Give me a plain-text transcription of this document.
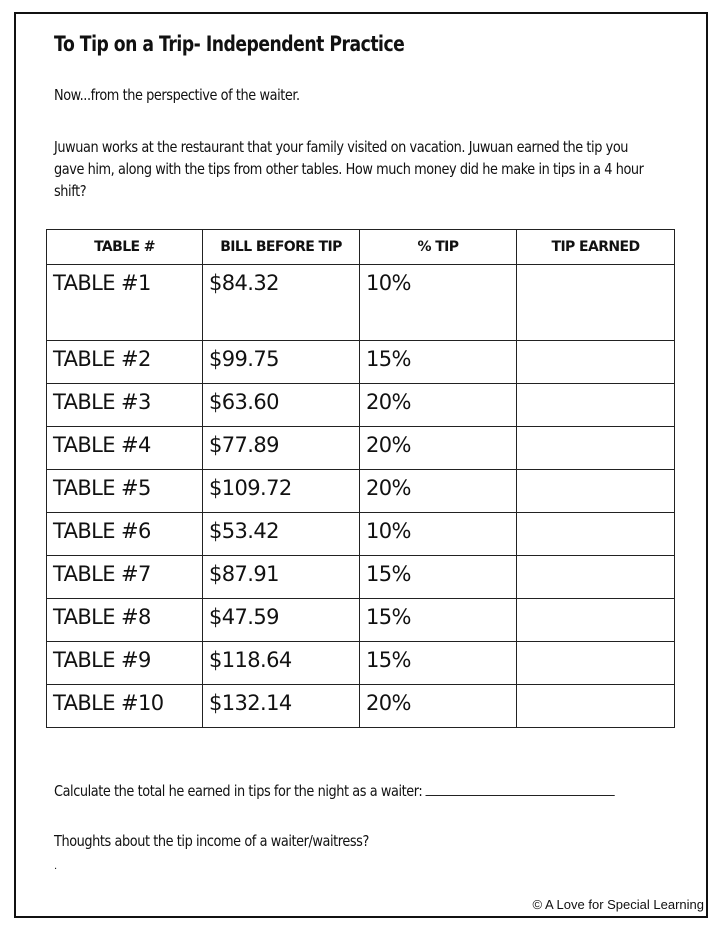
To Tip on a Trip- Independent Practice
Now...from the perspective of the waiter.
Juwuan works at the restaurant that your family visited on vacation. Juwuan earned the tip you gave him, along with the tips from other tables. How much money did he make in tips in a 4 hour shift?
TABLE #	BILL BEFORE TIP	% TIP	TIP EARNED
TABLE #1	$84.32	10%	
TABLE #2	$99.75	15%	
TABLE #3	$63.60	20%	
TABLE #4	$77.89	20%	
TABLE #5	$109.72	20%	
TABLE #6	$53.42	10%	
TABLE #7	$87.91	15%	
TABLE #8	$47.59	15%	
TABLE #9	$118.64	15%	
TABLE #10	$132.14	20%	
Calculate the total he earned in tips for the night as a waiter:
Thoughts about the tip income of a waiter/waitress?
·
© A Love for Special Learning
